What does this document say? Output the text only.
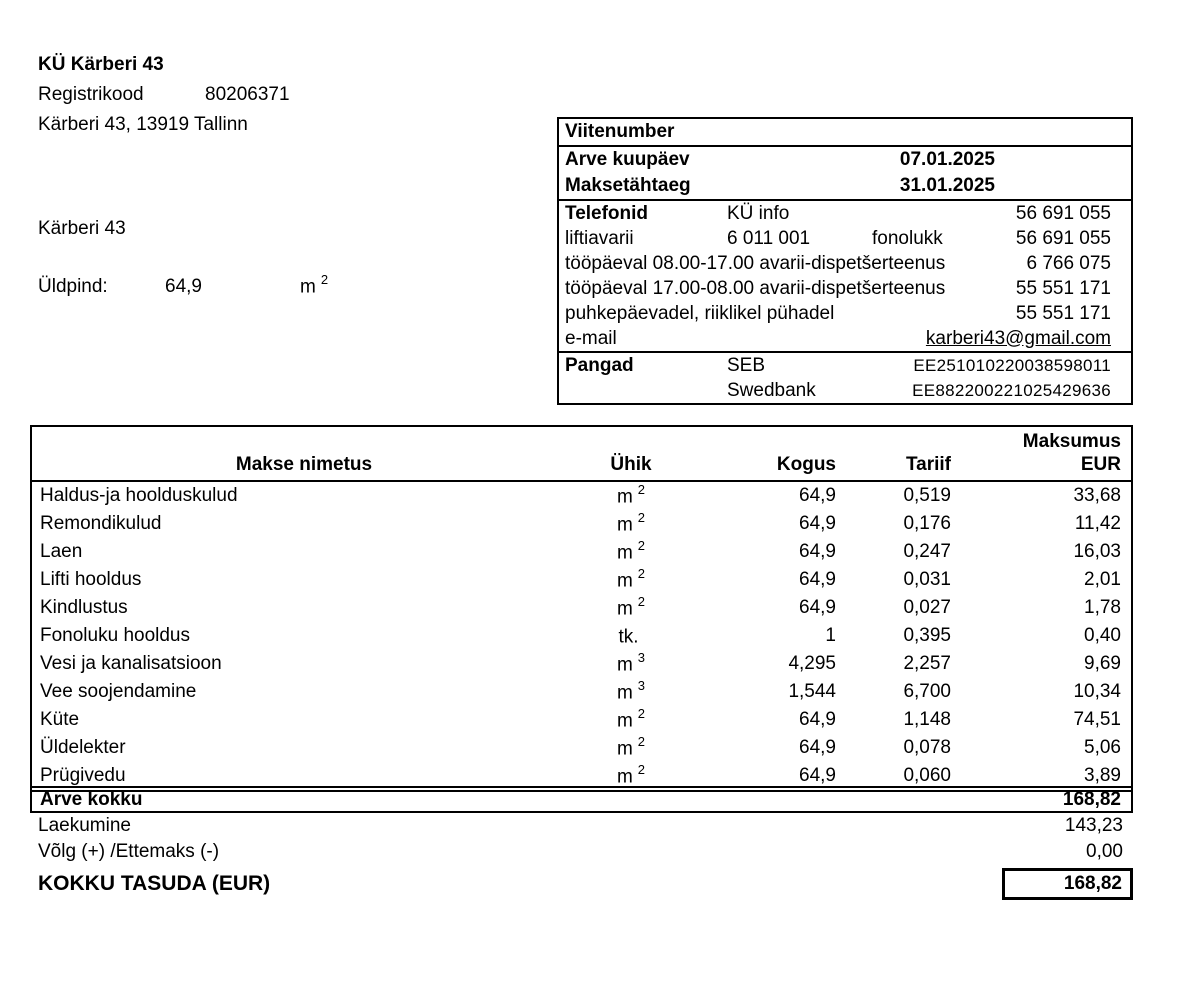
KÜ Kärberi 43
Registrikood	80206371
Kärberi 43, 13919 Tallinn
Kärberi 43
Üldpind:	64,9	m $^2$
Viitenumber
Arve kuupäev	07.01.2025
Maksetähtaeg	31.01.2025
Telefonid	KÜ info	56 691 055
liftiavarii	6 011 001	fonolukk	56 691 055
tööpäeval 08.00-17.00 avarii-dispetšerteenus	6 766 075
tööpäeval 17.00-08.00 avarii-dispetšerteenus	55 551 171
puhkepäevadel, riiklikel pühadel	55 551 171
e-mail	karberi43@gmail.com
Pangad	SEB	EE251010220038598011
Swedbank	EE882200221025429636
Maksumus
Makse nimetus	Ühik	Kogus	Tariif	EUR
Haldus-ja hoolduskulud	m $^2$	64,9	0,519	33,68
Remondikulud	m $^2$	64,9	0,176	11,42
Laen	m $^2$	64,9	0,247	16,03
Lifti hooldus	m $^2$	64,9	0,031	2,01
Kindlustus	m $^2$	64,9	0,027	1,78
Fonoluku hooldus	tk.	1	0,395	0,40
Vesi ja kanalisatsioon	m $^3$	4,295	2,257	9,69
Vee soojendamine	m $^3$	1,544	6,700	10,34
Küte	m $^2$	64,9	1,148	74,51
Üldelekter	m $^2$	64,9	0,078	5,06
Prügivedu	m $^2$	64,9	0,060	3,89
Arve kokku	168,82
Laekumine	143,23
Võlg (+) /Ettemaks (-)	0,00
KOKKU TASUDA (EUR)	168,82
